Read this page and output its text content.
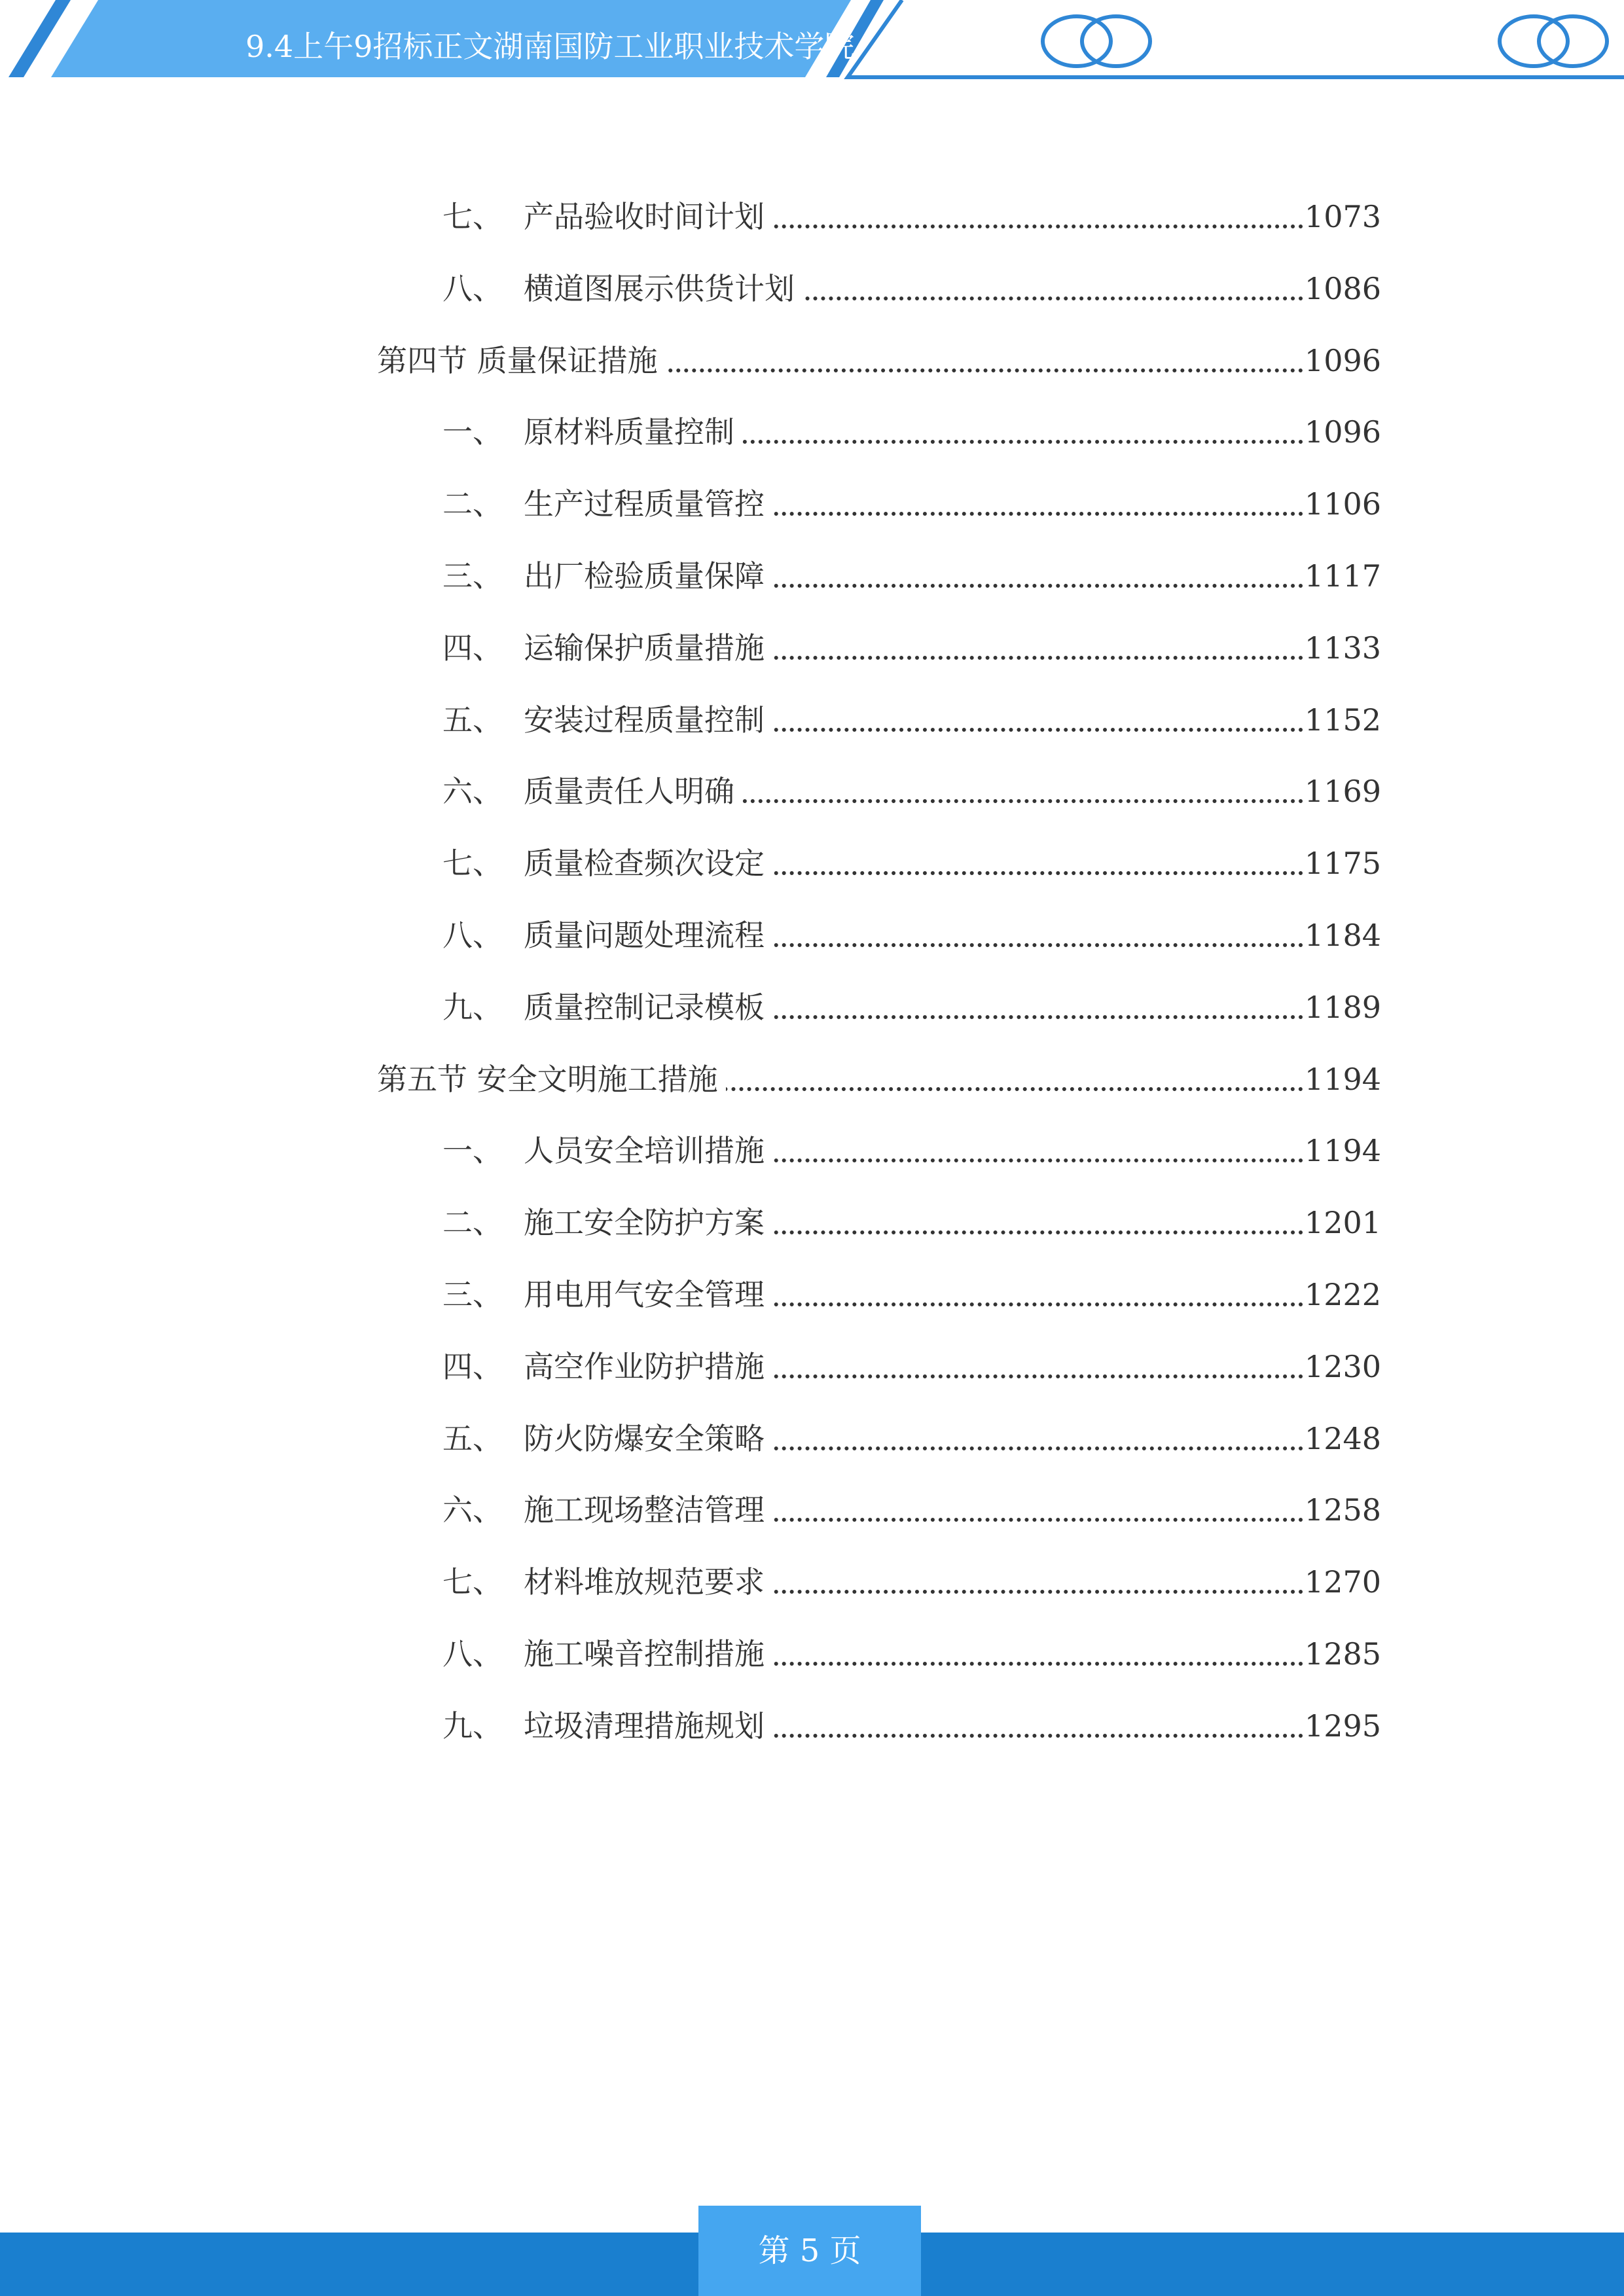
9.4上午9招标正文湖南国防工业职业技术学院
七、 产品验收时间计划	1073
八、 横道图展示供货计划	1086
第四节 质量保证措施	1096
一、 原材料质量控制	1096
二、 生产过程质量管控	1106
三、 出厂检验质量保障	1117
四、 运输保护质量措施	1133
五、 安装过程质量控制	1152
六、 质量责任人明确	1169
七、 质量检查频次设定	1175
八、 质量问题处理流程	1184
九、 质量控制记录模板	1189
第五节 安全文明施工措施	1194
一、 人员安全培训措施	1194
二、 施工安全防护方案	1201
三、 用电用气安全管理	1222
四、 高空作业防护措施	1230
五、 防火防爆安全策略	1248
六、 施工现场整洁管理	1258
七、 材料堆放规范要求	1270
八、 施工噪音控制措施	1285
九、 垃圾清理措施规划	1295
第 5 页
